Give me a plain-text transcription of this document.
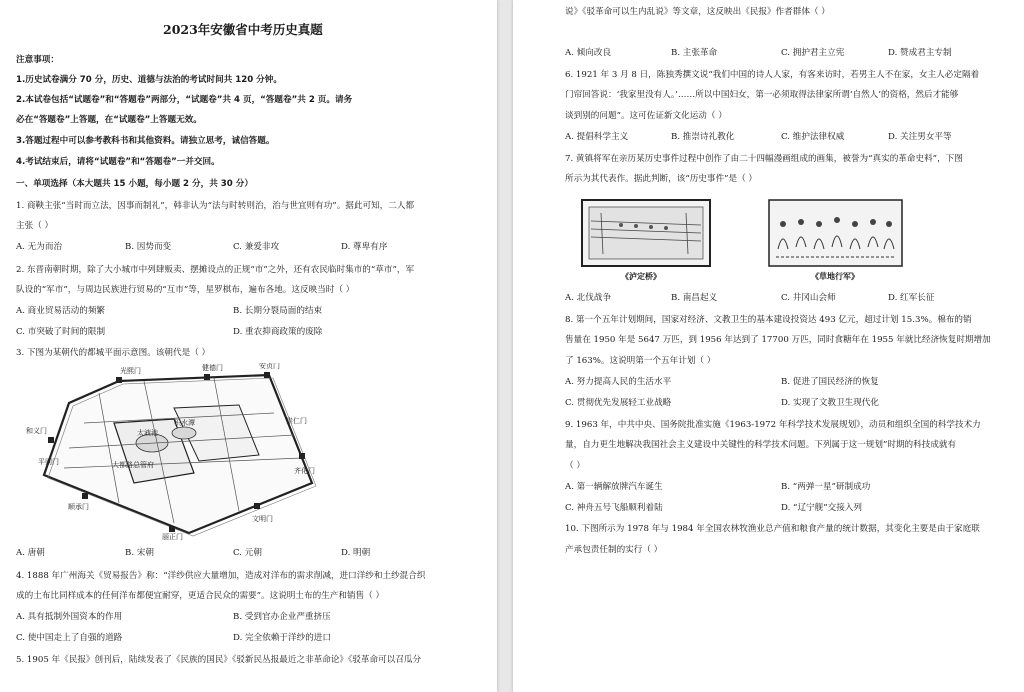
2023年安徽省中考历史真题
注意事项：
1.历史试卷满分 70 分，历史、道德与法治的考试时间共 120 分钟。
2.本试卷包括“试题卷”和“答题卷”两部分，“试题卷”共 4 页，“答题卷”共 2 页。请务
必在“答题卷”上答题，在“试题卷”上答题无效。
3.答题过程中可以参考教科书和其他资料。请独立思考，诚信答题。
4.考试结束后，请将“试题卷”和“答题卷”一并交回。
一、单项选择（本大题共 15 小题，每小题 2 分，共 30 分）
1. 商鞅主张“当时而立法，因事而制礼”，韩非认为“法与时转则治，治与世宜则有功”。据此可知，二人都
主张（ ）
A. 无为而治	B. 因势而变	C. 兼爱非攻	D. 尊卑有序
2. 东晋南朝时期，除了大小城市中列肆贩卖、摆摊设点的正规“市”之外，还有农民临时集市的“草市”，军
队设的“军市”，与周边民族进行贸易的“互市”等，星罗棋布，遍布各地。这反映当时（ ）
A. 商业贸易活动的频繁	B. 长期分裂局面的结束
C. 市突破了时间的限制	D. 重农抑商政策的废除
3. 下图为某朝代的都城平面示意图。该朝代是（ ）
光熙门	健德门	安贞门
和义门
平则门	大都路总管府
丽正门
文明门
顺承门
崇仁门
齐化门
太液池
积水潭
A. 唐朝	B. 宋朝	C. 元朝	D. 明朝
4. 1888 年广州海关《贸易报告》称：“洋纱供应大量增加，造成对洋布的需求削减，进口洋纱和土纱混合织
成的土布比同样成本的任何洋布都便宜耐穿，更适合民众的需要”。这说明土布的生产和销售（ ）
A. 具有抵制外国资本的作用	B. 受到官办企业严重挤压
C. 使中国走上了自强的道路	D. 完全依赖于洋纱的进口
5. 1905 年《民报》创刊后，陆续发表了《民族的国民》《驳新民丛报最近之非革命论》《驳革命可以召瓜分
说》《驳革命可以生内乱说》等文章，这反映出《民报》作者群体（ ）
A. 倾向改良	B. 主张革命	C. 拥护君主立宪	D. 赞成君主专制
6. 1921 年 3 月 8 日，陈独秀撰文说“我们中国的诗人人家，有客来访时，若男主人不在家，女主人必定隔着
门帘回答说：‘我家里没有人。’……所以中国妇女，第一必须取得法律家所谓‘自然人’的资格，然后才能够
谈到别的问题”。这可佐证新文化运动（ ）
A. 提倡科学主义	B. 推崇诗礼教化	C. 维护法律权威	D. 关注男女平等
7. 黄镇将军在亲历某历史事件过程中创作了由二十四幅漫画组成的画集，被誉为“真实的革命史料”，下图
所示为其代表作。据此判断，该“历史事件”是（ ）
《泸定桥》	《草地行军》
A. 北伐战争	B. 南昌起义	C. 井冈山会师	D. 红军长征
8. 第一个五年计划期间，国家对经济、文教卫生的基本建设投资达 493 亿元，超过计划 15.3%。棉布的销
售量在 1950 年是 5647 万匹，到 1956 年达到了 17700 万匹，同时食糖年在 1955 年就比经济恢复时期增加
了 163%。这说明第一个五年计划（ ）
A. 努力提高人民的生活水平	B. 促进了国民经济的恢复
C. 贯彻优先发展轻工业战略	D. 实现了文教卫生现代化
9. 1963 年，中共中央、国务院批准实施《1963-1972 年科学技术发展规划》，动员和组织全国的科学技术力
量，自力更生地解决我国社会主义建设中关键性的科学技术问题。下列属于这一规划”时期的科技成就有
（ ）
A. 第一辆解放牌汽车诞生	B. “两弹一星”研制成功
C. 神舟五号飞船顺利着陆	D. “辽宁舰”交接入列
10. 下图所示为 1978 年与 1984 年全国农林牧渔业总产值和粮食产量的统计数据，其变化主要是由于家庭联
产承包责任制的实行（ ）
